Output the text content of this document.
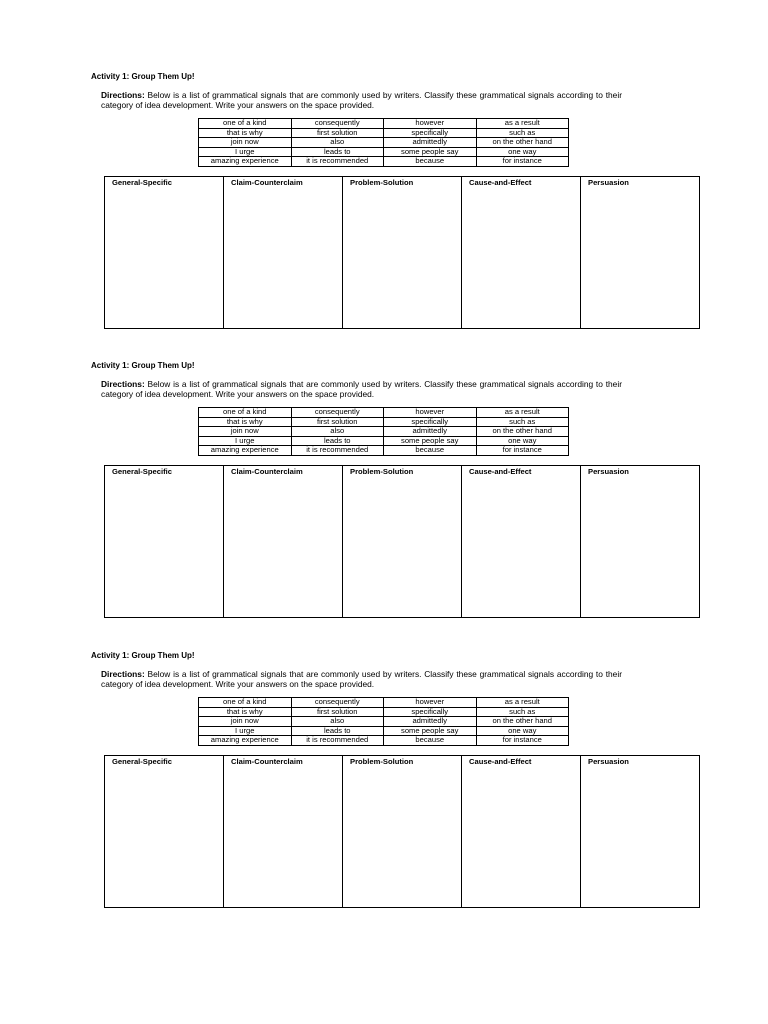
Activity 1: Group Them Up!

Directions: Below is a list of grammatical signals that are commonly used by writers. Classify these grammatical signals according to their category of idea development. Write your answers on the space provided.

one of a kind	consequently	however	as a result
that is why	first solution	specifically	such as
join now	also	admittedly	on the other hand
I urge	leads to	some people say	one way
amazing experience	it is recommended	because	for instance
General-Specific	Claim-Counterclaim	Problem-Solution	Cause-and-Effect	Persuasion

Activity 1: Group Them Up!

Directions: Below is a list of grammatical signals that are commonly used by writers. Classify these grammatical signals according to their category of idea development. Write your answers on the space provided.

one of a kind	consequently	however	as a result
that is why	first solution	specifically	such as
join now	also	admittedly	on the other hand
I urge	leads to	some people say	one way
amazing experience	it is recommended	because	for instance
General-Specific	Claim-Counterclaim	Problem-Solution	Cause-and-Effect	Persuasion

Activity 1: Group Them Up!

Directions: Below is a list of grammatical signals that are commonly used by writers. Classify these grammatical signals according to their category of idea development. Write your answers on the space provided.

one of a kind	consequently	however	as a result
that is why	first solution	specifically	such as
join now	also	admittedly	on the other hand
I urge	leads to	some people say	one way
amazing experience	it is recommended	because	for instance
General-Specific	Claim-Counterclaim	Problem-Solution	Cause-and-Effect	Persuasion
